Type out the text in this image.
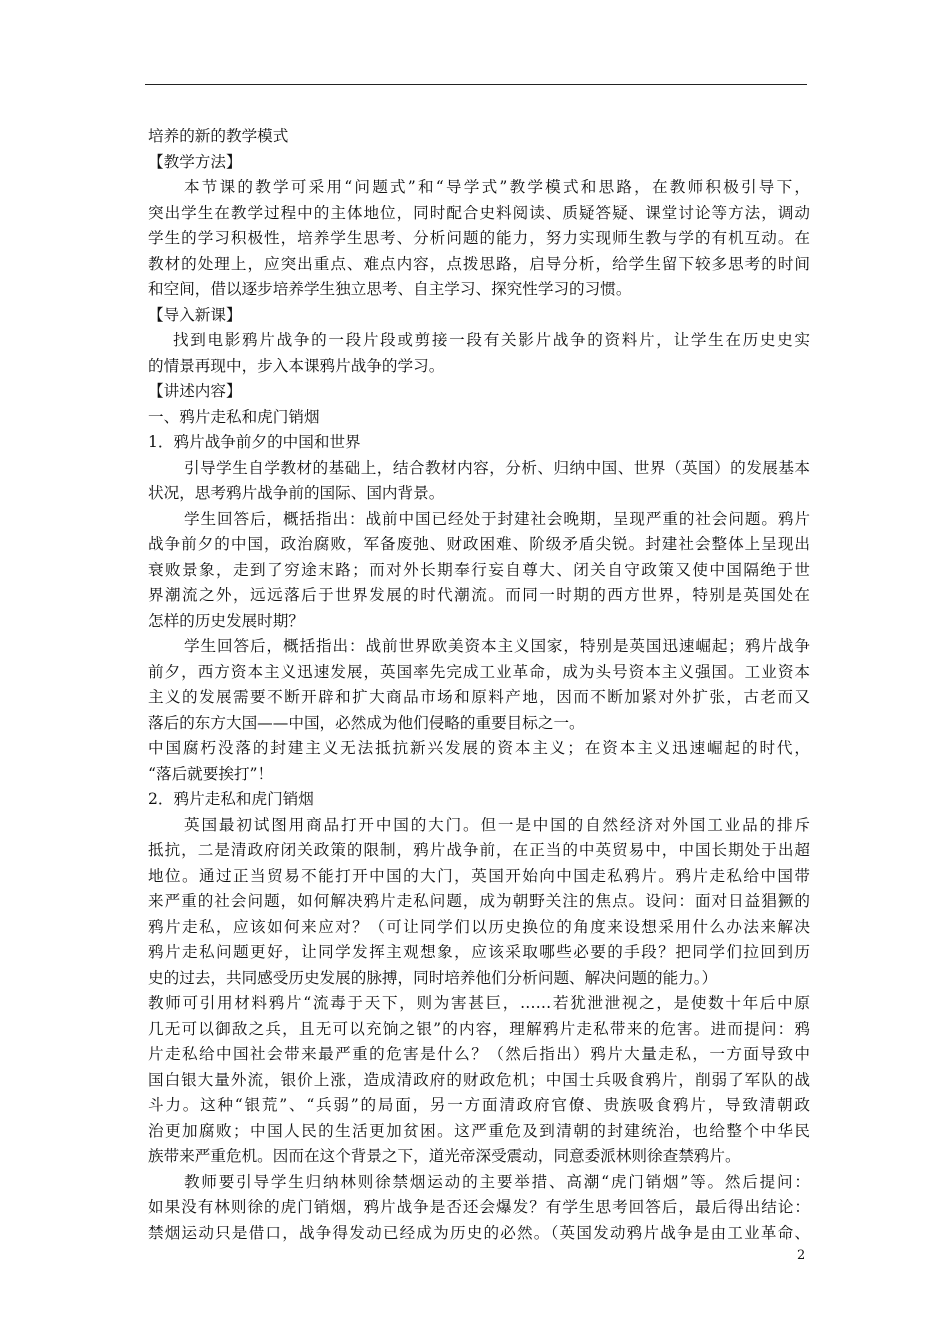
培养的新的教学模式
【教学方法】
本节课的教学可采用“问题式”和“导学式”教学模式和思路，在教师积极引导下，
突出学生在教学过程中的主体地位，同时配合史料阅读、质疑答疑、课堂讨论等方法，调动
学生的学习积极性，培养学生思考、分析问题的能力，努力实现师生教与学的有机互动。在
教材的处理上，应突出重点、难点内容，点拨思路，启导分析，给学生留下较多思考的时间
和空间，借以逐步培养学生独立思考、自主学习、探究性学习的习惯。
【导入新课】
找到电影鸦片战争的一段片段或剪接一段有关影片战争的资料片，让学生在历史史实
的情景再现中，步入本课鸦片战争的学习。
【讲述内容】
一、鸦片走私和虎门销烟
1．鸦片战争前夕的中国和世界
引导学生自学教材的基础上，结合教材内容，分析、归纳中国、世界（英国）的发展基本
状况，思考鸦片战争前的国际、国内背景。
学生回答后，概括指出：战前中国已经处于封建社会晚期，呈现严重的社会问题。鸦片
战争前夕的中国，政治腐败，军备废弛、财政困难、阶级矛盾尖锐。封建社会整体上呈现出
衰败景象，走到了穷途末路；而对外长期奉行妄自尊大、闭关自守政策又使中国隔绝于世
界潮流之外，远远落后于世界发展的时代潮流。而同一时期的西方世界，特别是英国处在
怎样的历史发展时期？
学生回答后，概括指出：战前世界欧美资本主义国家，特别是英国迅速崛起；鸦片战争
前夕，西方资本主义迅速发展，英国率先完成工业革命，成为头号资本主义强国。工业资本
主义的发展需要不断开辟和扩大商品市场和原料产地，因而不断加紧对外扩张，古老而又
落后的东方大国——中国，必然成为他们侵略的重要目标之一。
中国腐朽没落的封建主义无法抵抗新兴发展的资本主义；在资本主义迅速崛起的时代，
“落后就要挨打”！
2．鸦片走私和虎门销烟
英国最初试图用商品打开中国的大门。但一是中国的自然经济对外国工业品的排斥
抵抗，二是清政府闭关政策的限制，鸦片战争前，在正当的中英贸易中，中国长期处于出超
地位。通过正当贸易不能打开中国的大门，英国开始向中国走私鸦片。鸦片走私给中国带
来严重的社会问题，如何解决鸦片走私问题，成为朝野关注的焦点。设问：面对日益猖獗的
鸦片走私，应该如何来应对？（可让同学们以历史换位的角度来设想采用什么办法来解决
鸦片走私问题更好，让同学发挥主观想象，应该采取哪些必要的手段？把同学们拉回到历
史的过去，共同感受历史发展的脉搏，同时培养他们分析问题、解决问题的能力。）
教师可引用材料鸦片“流毒于天下，则为害甚巨，……若犹泄泄视之，是使数十年后中原
几无可以御敌之兵，且无可以充饷之银”的内容，理解鸦片走私带来的危害。进而提问：鸦
片走私给中国社会带来最严重的危害是什么？（然后指出）鸦片大量走私，一方面导致中
国白银大量外流，银价上涨，造成清政府的财政危机；中国士兵吸食鸦片，削弱了军队的战
斗力。这种“银荒”、“兵弱”的局面，另一方面清政府官僚、贵族吸食鸦片，导致清朝政
治更加腐败；中国人民的生活更加贫困。这严重危及到清朝的封建统治，也给整个中华民
族带来严重危机。因而在这个背景之下，道光帝深受震动，同意委派林则徐查禁鸦片。
教师要引导学生归纳林则徐禁烟运动的主要举措、高潮“虎门销烟”等。然后提问：
如果没有林则徐的虎门销烟，鸦片战争是否还会爆发？有学生思考回答后，最后得出结论：
禁烟运动只是借口，战争得发动已经成为历史的必然。（英国发动鸦片战争是由工业革命、
2
